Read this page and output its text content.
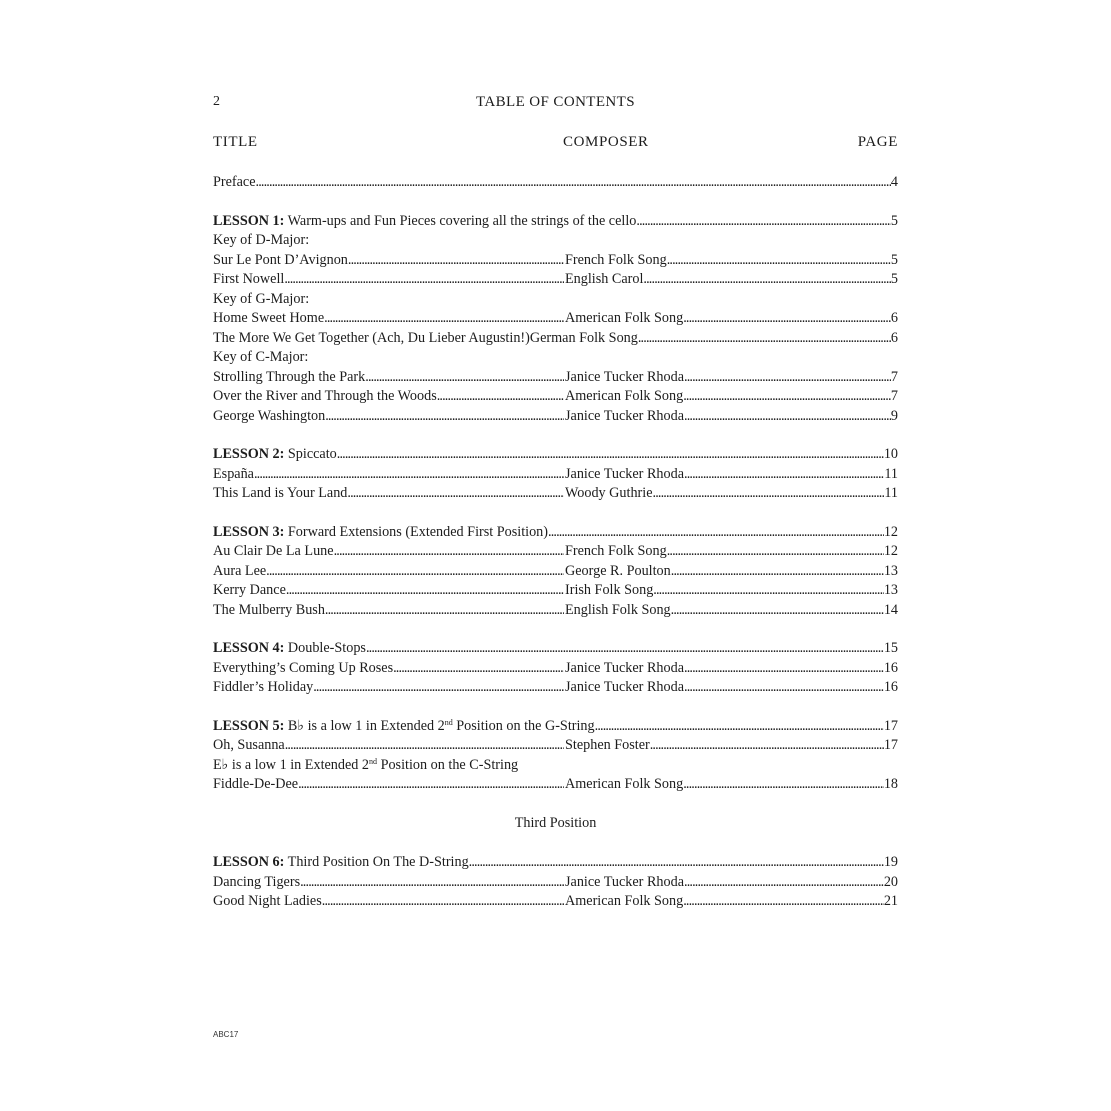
2	TABLE OF CONTENTS
TITLE	COMPOSER	PAGE
Preface . . .	4
LESSON 1: Warm-ups and Fun Pieces covering all the strings of the cello . . .	5
Key of D-Major:
Sur Le Pont D’Avignon . . .	French Folk Song . . .	5
First Nowell . . .	English Carol . . .	5
Key of G-Major:
Home Sweet Home . . .	American Folk Song . . .	6
The More We Get Together (Ach, Du Lieber Augustin!) German Folk Song . . .	6
Key of C-Major:
Strolling Through the Park . . .	Janice Tucker Rhoda . . .	7
Over the River and Through the Woods . . .	American Folk Song . . .	7
George Washington . . .	Janice Tucker Rhoda . . .	9
LESSON 2: Spiccato . . .	10
España . . .	Janice Tucker Rhoda . . .	11
This Land is Your Land . . .	Woody Guthrie . . .	11
LESSON 3: Forward Extensions (Extended First Position) . . .	12
Au Clair De La Lune . . .	French Folk Song . . .	12
Aura Lee . . .	George R. Poulton . . .	13
Kerry Dance . . .	Irish Folk Song . . .	13
The Mulberry Bush . . .	English Folk Song . . .	14
LESSON 4: Double-Stops . . .	15
Everything’s Coming Up Roses . . .	Janice Tucker Rhoda . . .	16
Fiddler’s Holiday . . .	Janice Tucker Rhoda . . .	16
LESSON 5: B♭ is a low 1 in Extended 2nd Position on the G-String . . .	17
Oh, Susanna . . .	Stephen Foster . . .	17
E♭ is a low 1 in Extended 2nd Position on the C-String
Fiddle-De-Dee . . .	American Folk Song . . .	18
Third Position
LESSON 6: Third Position On The D-String . . .	19
Dancing Tigers . . .	Janice Tucker Rhoda . . .	20
Good Night Ladies . . .	American Folk Song . . .	21
ABC17
